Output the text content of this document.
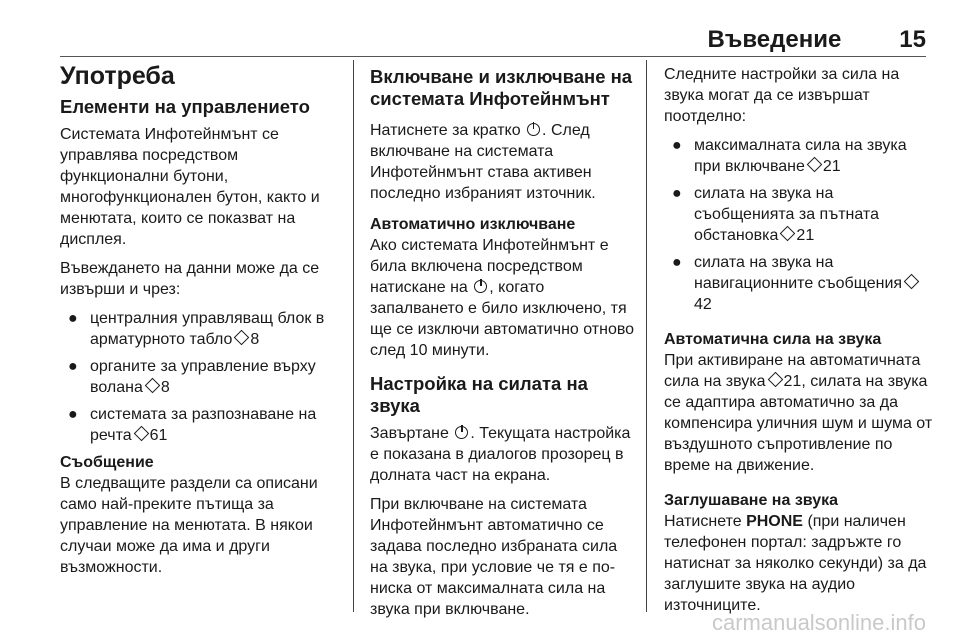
Въведение 15
Употреба
Елементи на управлението

Системата Инфотейнмънт се управлява посредством функционални бутони, многофункционален бутон, както и менютата, които се показват на дисплея.

Въвеждането на данни може да се извърши и чрез:

● централния управляващ блок в арматурното табло 8
● органите за управление върху волана 8
● системата за разпознаване на речта 61
Съобщение

В следващите раздели са описани само най-преките пътища за управление на менютата. В някои случаи може да има и други възможности.

Включване и изключване на системата Инфотейнмънт

Натиснете за кратко . След включване на системата Инфотейнмънт става активен последно избраният източник.

Автоматично изключване

Ако системата Инфотейнмънт е била включена посредством натискане на , когато запалването е било изключено, тя ще се изключи автоматично отново след 10 минути.

Настройка на силата на звука

Завъртане . Текущата настройка е показана в диалогов прозорец в долната част на екрана.

При включване на системата Инфотейнмънт автоматично се задава последно избраната сила на звука, при условие че тя е по-ниска от максималната сила на звука при включване.

Следните настройки за сила на звука могат да се извършат поотделно:

● максималната сила на звука при включване 21
● силата на звука на съобщенията за пътната обстановка 21
● силата на звука на навигационните съобщения42
Автоматична сила на звука

При активиране на автоматичната сила на звука 21, силата на звука се адаптира автоматично за да компенсира уличния шум и шума от въздушното съпротивление по време на движение.

Заглушаване на звука

Натиснете PHONE (при наличен телефонен портал: задръжте го натиснат за няколко секунди) за да заглушите звука на аудио източниците.

carmanualsonline.info
